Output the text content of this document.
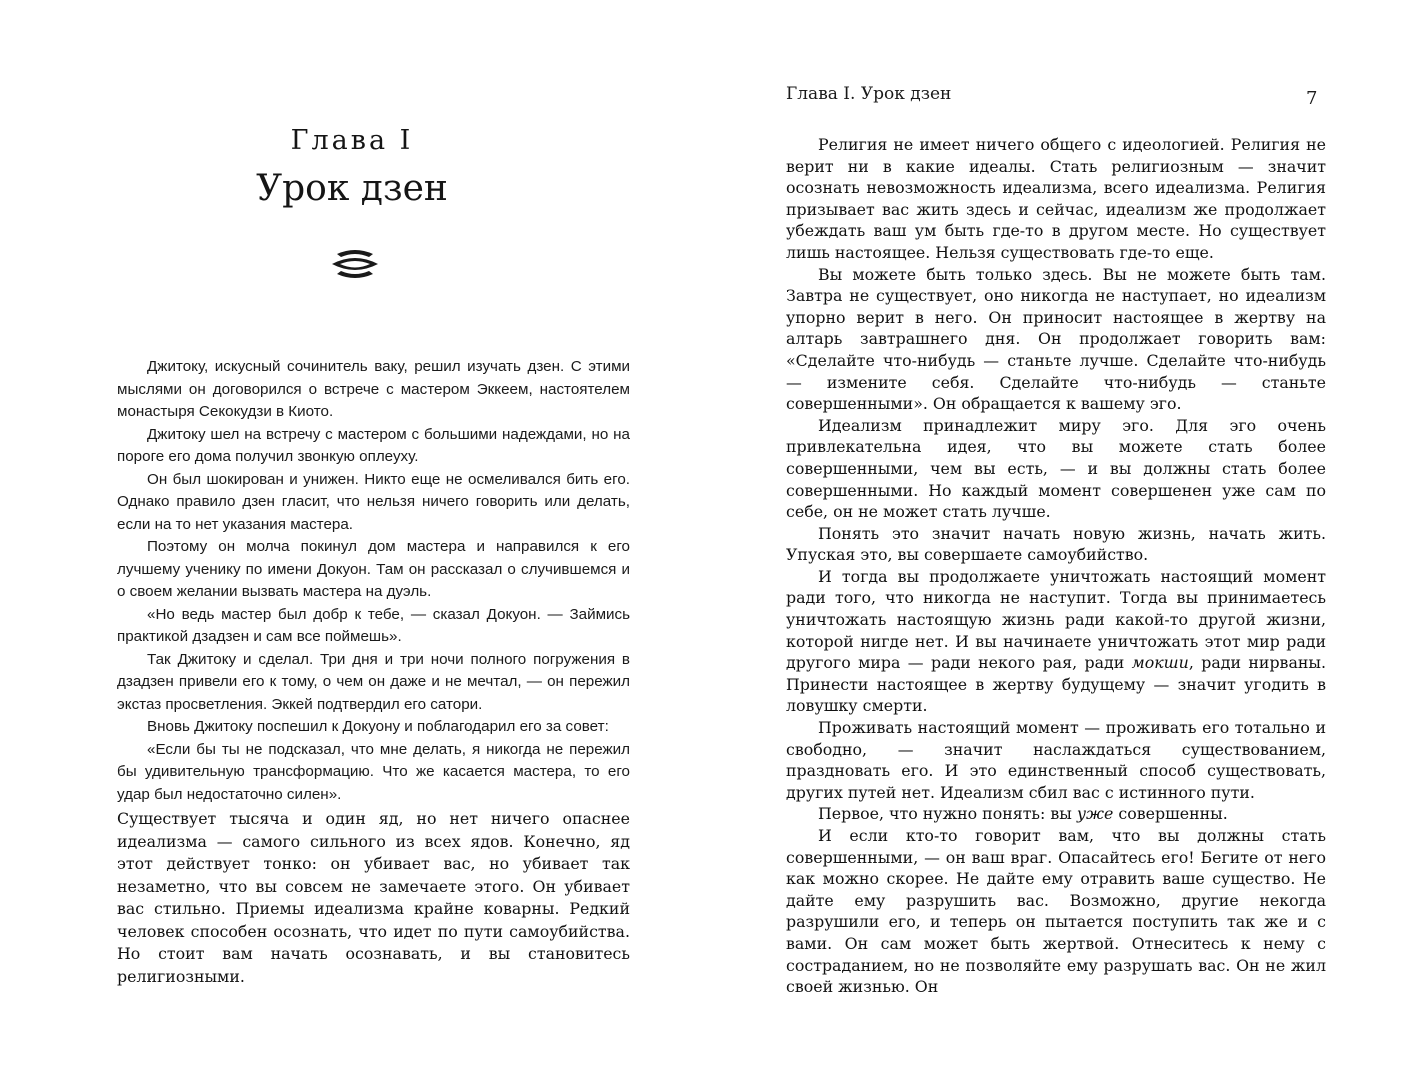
Глава I
Урок дзен

Джитоку, искусный сочинитель ваку, решил изучать дзен. С этими мыслями он договорился о встрече с мастером Эккеем, настоятелем монастыря Секокудзи в Киото.

Джитоку шел на встречу с мастером с большими надеждами, но на пороге его дома получил звонкую оплеуху.

Он был шокирован и унижен. Никто еще не осмеливался бить его. Однако правило дзен гласит, что нельзя ничего говорить или делать, если на то нет указания мастера.

Поэтому он молча покинул дом мастера и направился к его лучшему ученику по имени Докуон. Там он рассказал о случившемся и о своем желании вызвать мастера на дуэль.

«Но ведь мастер был добр к тебе, — сказал Докуон. — Займись практикой дзадзен и сам все поймешь».

Так Джитоку и сделал. Три дня и три ночи полного погружения в дзадзен привели его к тому, о чем он даже и не мечтал, — он пережил экстаз просветления. Эккей подтвердил его сатори.

Вновь Джитоку поспешил к Докуону и поблагодарил его за совет:

«Если бы ты не подсказал, что мне делать, я никогда не пережил бы удивительную трансформацию. Что же касается мастера, то его удар был недостаточно силен».

Существует тысяча и один яд, но нет ничего опаснее идеализма — самого сильного из всех ядов. Конечно, яд этот действует тонко: он убивает вас, но убивает так незаметно, что вы совсем не замечаете этого. Он убивает вас стильно. Приемы идеализма крайне коварны. Редкий человек способен осознать, что идет по пути самоубийства. Но стоит вам начать осознавать, и вы становитесь религиозными.

Глава I. Урок дзен	7

Религия не имеет ничего общего с идеологией. Религия не верит ни в какие идеалы. Стать религиозным — значит осознать невозможность идеализма, всего идеализма. Религия призывает вас жить здесь и сейчас, идеализм же продолжает убеждать ваш ум быть где-то в другом месте. Но существует лишь настоящее. Нельзя существовать где-то еще.

Вы можете быть только здесь. Вы не можете быть там. Завтра не существует, оно никогда не наступает, но идеализм упорно верит в него. Он приносит настоящее в жертву на алтарь завтрашнего дня. Он продолжает говорить вам: «Сделайте что-нибудь — станьте лучше. Сделайте что-нибудь — измените себя. Сделайте что-нибудь — станьте совершенными». Он обращается к вашему эго.

Идеализм принадлежит миру эго. Для эго очень привлекательна идея, что вы можете стать более совершенными, чем вы есть, — и вы должны стать более совершенными. Но каждый момент совершенен уже сам по себе, он не может стать лучше.

Понять это значит начать новую жизнь, начать жить. Упуская это, вы совершаете самоубийство.

И тогда вы продолжаете уничтожать настоящий момент ради того, что никогда не наступит. Тогда вы принимаетесь уничтожать настоящую жизнь ради какой-то другой жизни, которой нигде нет. И вы начинаете уничтожать этот мир ради другого мира — ради некого рая, ради мокши, ради нирваны. Принести настоящее в жертву будущему — значит угодить в ловушку смерти.

Проживать настоящий момент — проживать его тотально и свободно, — значит наслаждаться существованием, праздновать его. И это единственный способ существовать, других путей нет. Идеализм сбил вас с истинного пути.

Первое, что нужно понять: вы уже совершенны.

И если кто-то говорит вам, что вы должны стать совершенными, — он ваш враг. Опасайтесь его! Бегите от него как можно скорее. Не дайте ему отравить ваше существо. Не дайте ему разрушить вас. Возможно, другие некогда разрушили его, и теперь он пытается поступить так же и с вами. Он сам может быть жертвой. Отнеситесь к нему с состраданием, но не позволяйте ему разрушать вас. Он не жил своей жизнью. Он
